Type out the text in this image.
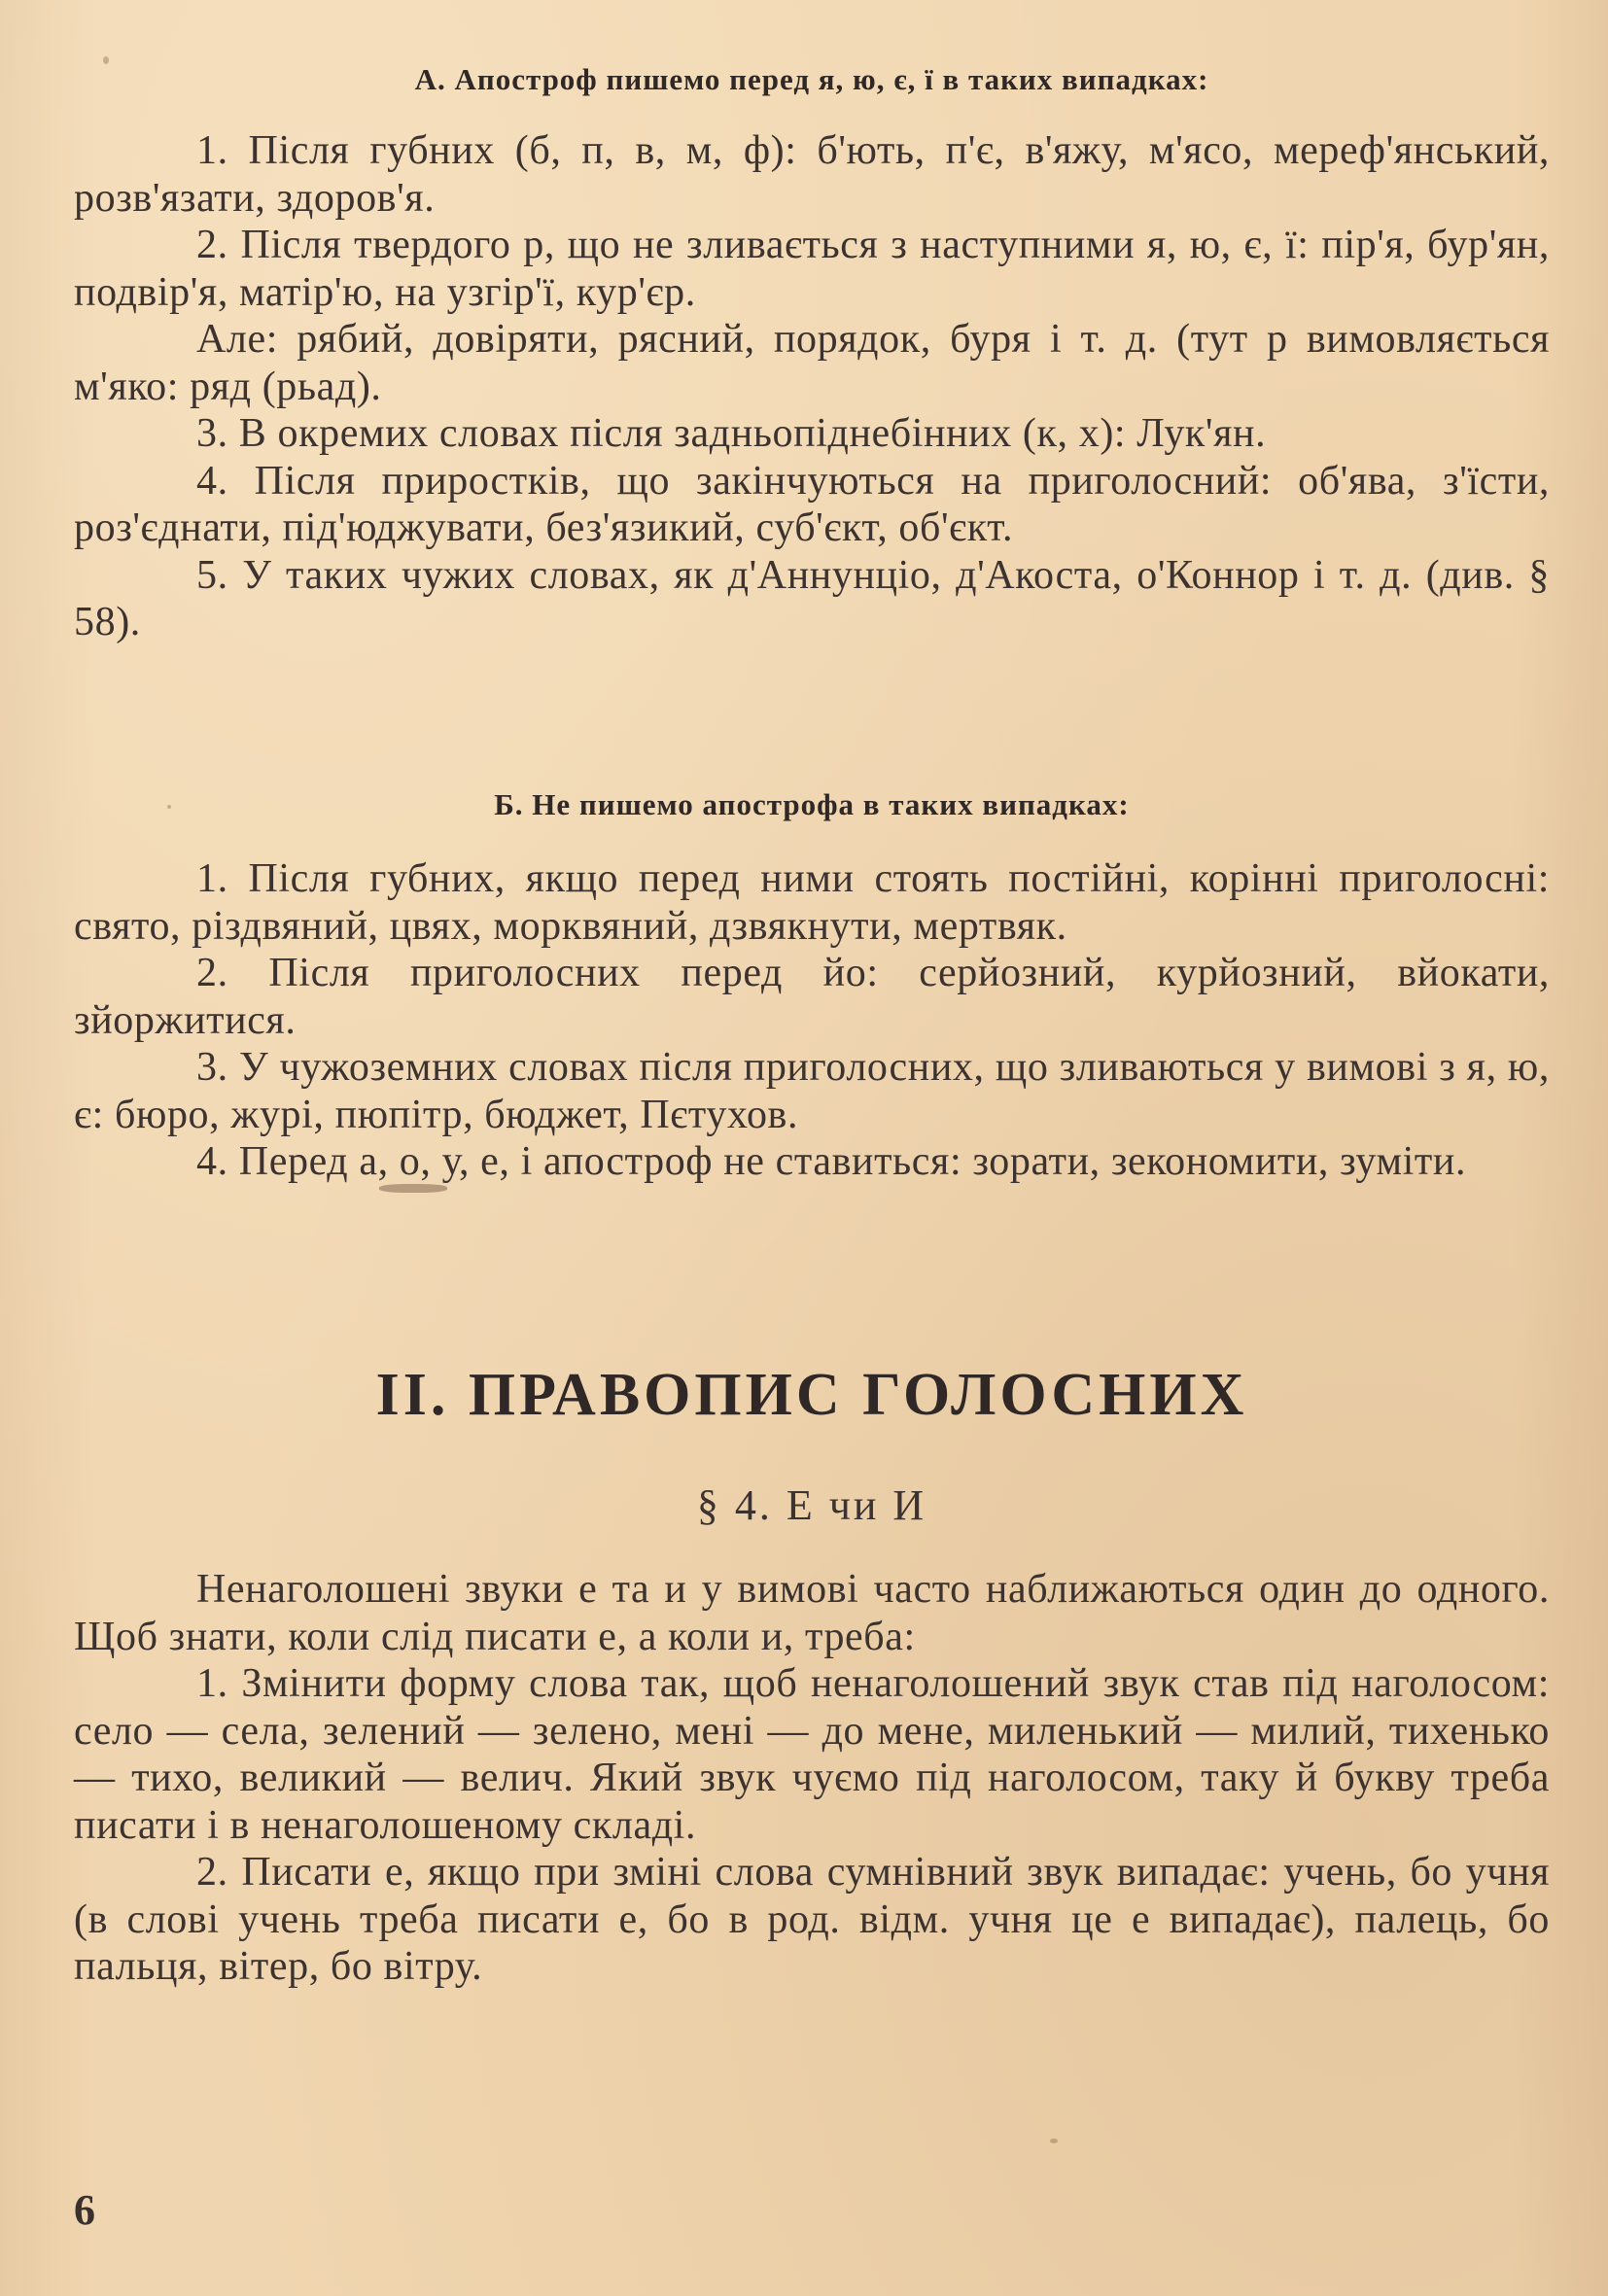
А. Апостроф пишемо перед я, ю, є, ї в таких випадках:

1. Після губних (б, п, в, м, ф): б'ють, п'є, в'яжу, м'ясо, мереф'янський, розв'язати, здоров'я.

2. Після твердого р, що не зливається з наступними я, ю, є, ї: пір'я, бур'ян, подвір'я, матір'ю, на узгір'ї, кур'єр.

Але: рябий, довіряти, рясний, порядок, буря і т. д. (тут р вимовляється м'яко: ряд (рьад).

3. В окремих словах після задньопіднебінних (к, х): Лук'ян.

4. Після приростків, що закінчуються на приголосний: об'ява, з'їсти, роз'єднати, під'юджувати, без'язикий, суб'єкт, об'єкт.

5. У таких чужих словах, як д'Аннунціо, д'Акоста, о'Коннор і т. д. (див. § 58).

Б. Не пишемо апострофа в таких випадках:

1. Після губних, якщо перед ними стоять постійні, корінні приголосні: свято, різдвяний, цвях, морквяний, дзвякнути, мертвяк.

2. Після приголосних перед йо: серйозний, курйозний, вйокати, зйоржитися.

3. У чужоземних словах після приголосних, що зливаються у вимові з я, ю, є: бюро, журі, пюпітр, бюджет, Пєтухов.

4. Перед а, о, у, е, і апостроф не ставиться: зорати, зекономити, зуміти.

II. ПРАВОПИС ГОЛОСНИХ

§ 4. Е чи И

Ненаголошені звуки е та и у вимові часто наближаються один до одного. Щоб знати, коли слід писати е, а коли и, треба:

1. Змінити форму слова так, щоб ненаголошений звук став під наголосом: село — села, зелений — зелено, мені — до мене, миленький — милий, тихенько — тихо, великий — велич. Який звук чуємо під наголосом, таку й букву треба писати і в ненаголошеному складі.

2. Писати е, якщо при зміні слова сумнівний звук випадає: учень, бо учня (в слові учень треба писати е, бо в род. відм. учня це е випадає), палець, бо пальця, вітер, бо вітру.

6
